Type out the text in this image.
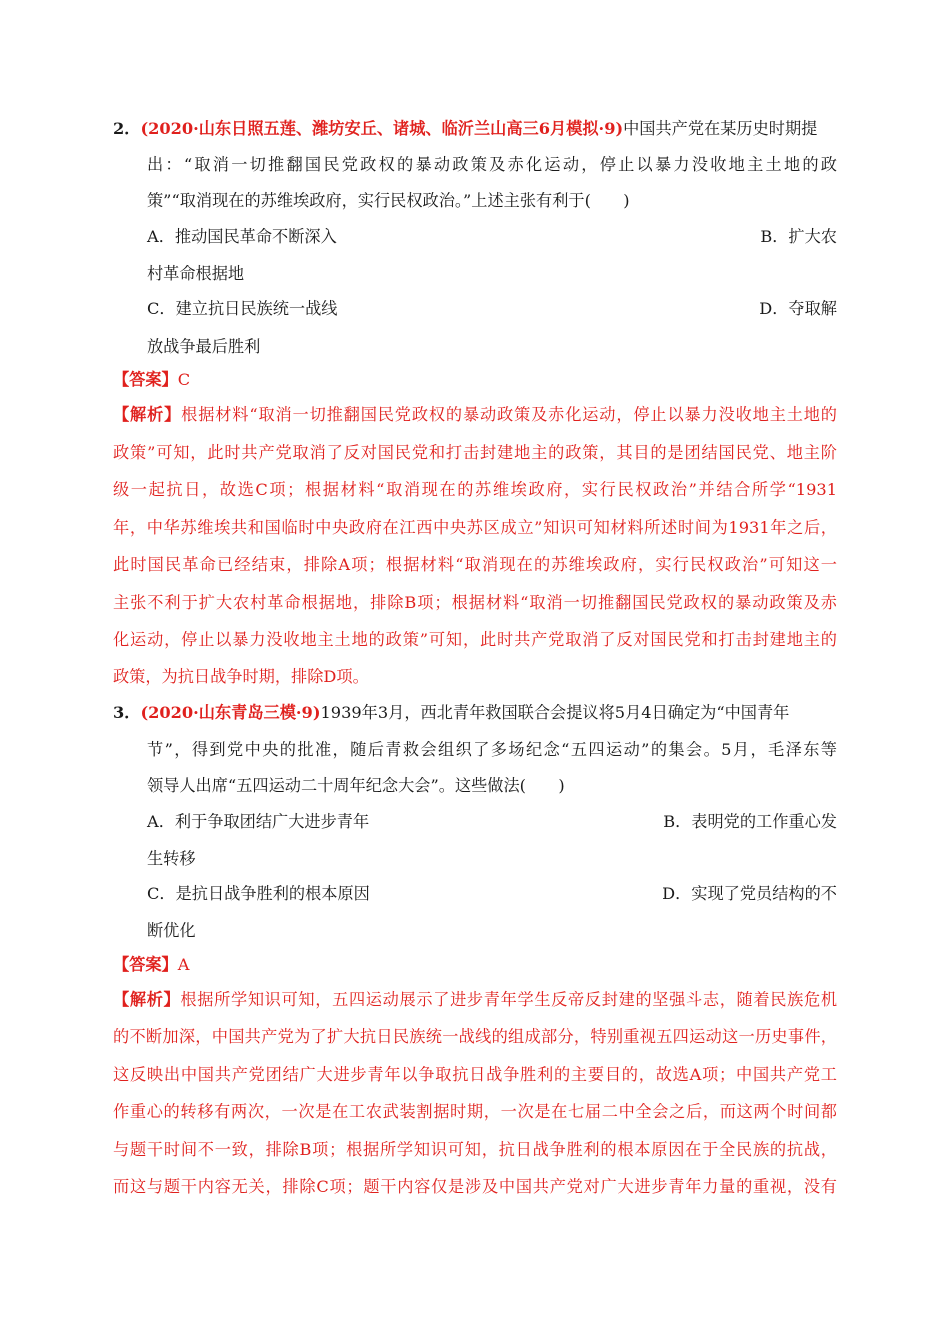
2．(2020·山东日照五莲、潍坊安丘、诸城、临沂兰山高三6月模拟·9)中国共产党在某历史时期提
出：“取消一切推翻国民党政权的暴动政策及赤化运动，停止以暴力没收地主土地的政
策”“取消现在的苏维埃政府，实行民权政治。”上述主张有利于(　　)
A．推动国民革命不断深入	B．扩大农
村革命根据地
C．建立抗日民族统一战线	D．夺取解
放战争最后胜利
【答案】C
【解析】根据材料“取消一切推翻国民党政权的暴动政策及赤化运动，停止以暴力没收地主土地的
政策”可知，此时共产党取消了反对国民党和打击封建地主的政策，其目的是团结国民党、地主阶
级一起抗日，故选C项；根据材料“取消现在的苏维埃政府，实行民权政治”并结合所学“1931
年，中华苏维埃共和国临时中央政府在江西中央苏区成立”知识可知材料所述时间为1931年之后，
此时国民革命已经结束，排除A项；根据材料“取消现在的苏维埃政府，实行民权政治”可知这一
主张不利于扩大农村革命根据地，排除B项；根据材料“取消一切推翻国民党政权的暴动政策及赤
化运动，停止以暴力没收地主土地的政策”可知，此时共产党取消了反对国民党和打击封建地主的
政策，为抗日战争时期，排除D项。
3．(2020·山东青岛三模·9)1939年3月，西北青年救国联合会提议将5月4日确定为“中国青年
节”，得到党中央的批准，随后青救会组织了多场纪念“五四运动”的集会。5月，毛泽东等
领导人出席“五四运动二十周年纪念大会”。这些做法(　　)
A．利于争取团结广大进步青年	B．表明党的工作重心发
生转移
C．是抗日战争胜利的根本原因	D．实现了党员结构的不
断优化
【答案】A
【解析】根据所学知识可知，五四运动展示了进步青年学生反帝反封建的坚强斗志，随着民族危机
的不断加深，中国共产党为了扩大抗日民族统一战线的组成部分，特别重视五四运动这一历史事件，
这反映出中国共产党团结广大进步青年以争取抗日战争胜利的主要目的，故选A项；中国共产党工
作重心的转移有两次，一次是在工农武装割据时期，一次是在七届二中全会之后，而这两个时间都
与题干时间不一致，排除B项；根据所学知识可知，抗日战争胜利的根本原因在于全民族的抗战，
而这与题干内容无关，排除C项；题干内容仅是涉及中国共产党对广大进步青年力量的重视，没有
